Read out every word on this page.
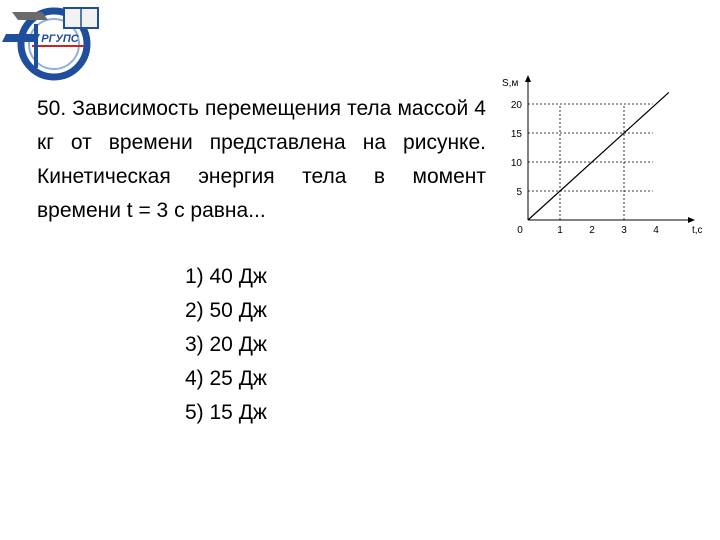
РГУПС

50. Зависимость перемещения тела массой 4 кг от времени представлена на рисунке. Кинетическая энергия тела в момент времени t = 3 с равна...

1) 40 Дж
2) 50 Дж
3) 20 Дж
4) 25 Дж
5) 15 Дж
1	2	3	4
5
10
15
20
0	t,c
S,м
